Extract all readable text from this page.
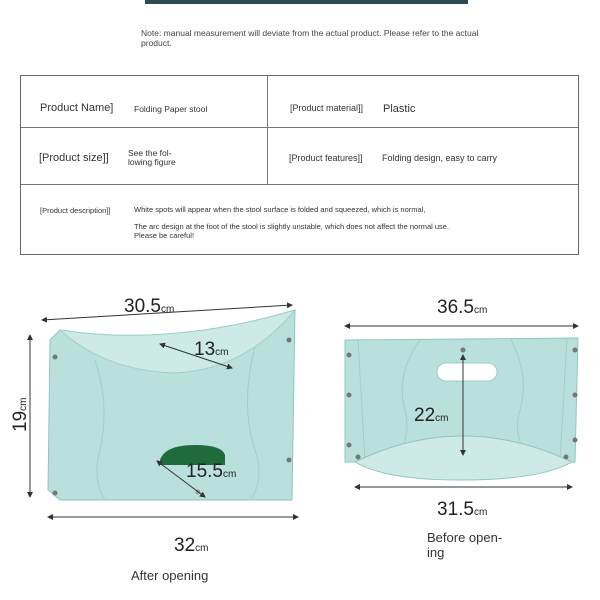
Note: manual measurement will deviate from the actual product. Please refer to the actual product.
Product Name] Folding Paper stool	[Product material]] Plastic
[Product size]] See the fol-
lowing figure	[Product features]] Folding design, easy to carry
[Product description]]	White spots will appear when the stool surface is folded and squeezed, which is normal,
The arc design at the foot of the stool is slightly unstable, which does not affect the normal use.
Please be careful!
30.5cm
13cm
19cm
15.5cm
32cm
After opening
36.5cm
22cm
31.5cm
Before open-
ing
